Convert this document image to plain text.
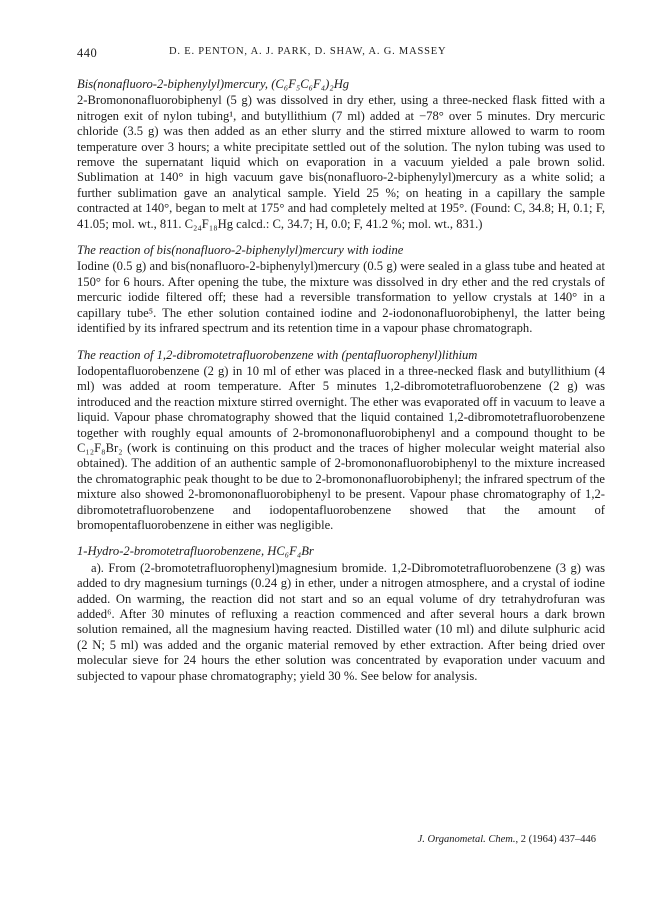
440	D. E. PENTON, A. J. PARK, D. SHAW, A. G. MASSEY

Bis(nonafluoro-2-biphenylyl)mercury, (C₆F₅C₆F₄)₂Hg

2-Bromononafluorobiphenyl (5 g) was dissolved in dry ether, using a three-necked flask fitted with a nitrogen exit of nylon tubing¹, and butyllithium (7 ml) added at −78° over 5 minutes. Dry mercuric chloride (3.5 g) was then added as an ether slurry and the stirred mixture allowed to warm to room temperature over 3 hours; a white precipitate settled out of the solution. The nylon tubing was used to remove the supernatant liquid which on evaporation in a vacuum yielded a pale brown solid. Sublimation at 140° in high vacuum gave bis(nonafluoro-2-biphenylyl)mercury as a white solid; a further sublimation gave an analytical sample. Yield 25 %; on heating in a capillary the sample contracted at 140°, began to melt at 175° and had completely melted at 195°. (Found: C, 34.8; H, 0.1; F, 41.05; mol. wt., 811. C₂₄F₁₈Hg calcd.: C, 34.7; H, 0.0; F, 41.2 %; mol. wt., 831.)

The reaction of bis(nonafluoro-2-biphenylyl)mercury with iodine

Iodine (0.5 g) and bis(nonafluoro-2-biphenylyl)mercury (0.5 g) were sealed in a glass tube and heated at 150° for 6 hours. After opening the tube, the mixture was dissolved in dry ether and the red crystals of mercuric iodide filtered off; these had a reversible transformation to yellow crystals at 140° in a capillary tube⁵. The ether solution contained iodine and 2-iodononafluorobiphenyl, the latter being identified by its infrared spectrum and its retention time in a vapour phase chromatograph.

The reaction of 1,2-dibromotetrafluorobenzene with (pentafluorophenyl)lithium

Iodopentafluorobenzene (2 g) in 10 ml of ether was placed in a three-necked flask and butyllithium (4 ml) was added at room temperature. After 5 minutes 1,2-dibromotetrafluorobenzene (2 g) was introduced and the reaction mixture stirred overnight. The ether was evaporated off in vacuum to leave a liquid. Vapour phase chromatography showed that the liquid contained 1,2-dibromotetrafluorobenzene together with roughly equal amounts of 2-bromononafluorobiphenyl and a compound thought to be C₁₂F₈Br₂ (work is continuing on this product and the traces of higher molecular weight material also obtained). The addition of an authentic sample of 2-bromononafluorobiphenyl to the mixture increased the chromatographic peak thought to be due to 2-bromononafluorobiphenyl; the infrared spectrum of the mixture also showed 2-bromononafluorobiphenyl to be present. Vapour phase chromatography of 1,2-dibromotetrafluorobenzene and iodopentafluorobenzene showed that the amount of bromopentafluorobenzene in either was negligible.

1-Hydro-2-bromotetrafluorobenzene, HC₆F₄Br

a). From (2-bromotetrafluorophenyl)magnesium bromide. 1,2-Dibromotetrafluorobenzene (3 g) was added to dry magnesium turnings (0.24 g) in ether, under a nitrogen atmosphere, and a crystal of iodine added. On warming, the reaction did not start and so an equal volume of dry tetrahydrofuran was added⁶. After 30 minutes of refluxing a reaction commenced and after several hours a dark brown solution remained, all the magnesium having reacted. Distilled water (10 ml) and dilute sulphuric acid (2 N; 5 ml) was added and the organic material removed by ether extraction. After being dried over molecular sieve for 24 hours the ether solution was concentrated by evaporation under vacuum and subjected to vapour phase chromatography; yield 30 %. See below for analysis.

J. Organometal. Chem., 2 (1964) 437–446
